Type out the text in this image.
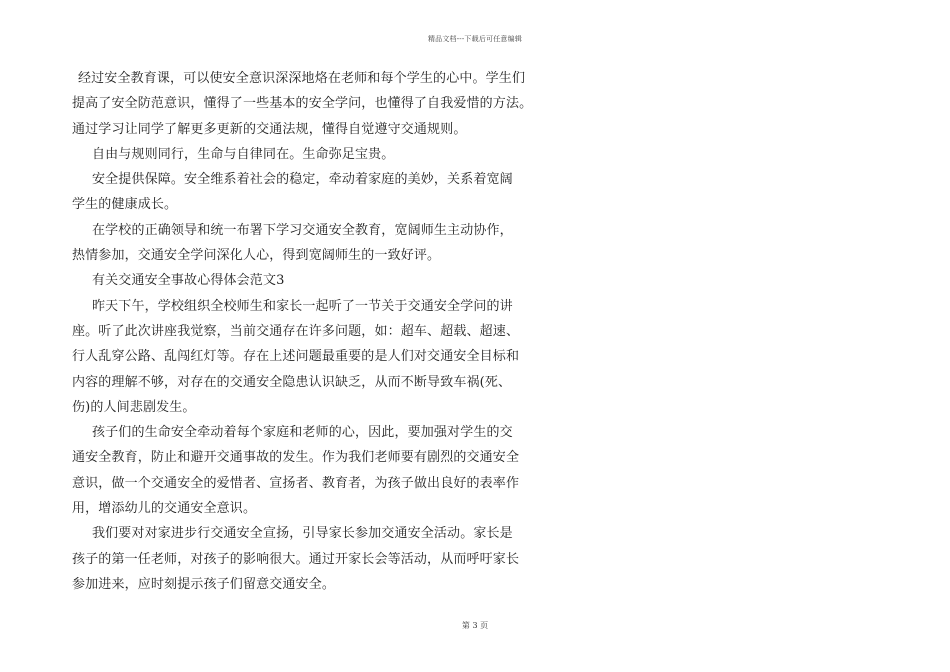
精品文档---下载后可任意编辑
经过安全教育课，可以使安全意识深深地烙在老师和每个学生的心中。学生们
提高了安全防范意识，懂得了一些基本的安全学问，也懂得了自我爱惜的方法。
通过学习让同学了解更多更新的交通法规，懂得自觉遵守交通规则。
自由与规则同行，生命与自律同在。生命弥足宝贵。
安全提供保障。安全维系着社会的稳定，牵动着家庭的美妙，关系着宽阔
学生的健康成长。
在学校的正确领导和统一布署下学习交通安全教育，宽阔师生主动协作，
热情参加，交通安全学问深化人心，得到宽阔师生的一致好评。
有关交通安全事故心得体会范文3
昨天下午，学校组织全校师生和家长一起听了一节关于交通安全学问的讲
座。听了此次讲座我觉察，当前交通存在许多问题，如：超车、超载、超速、
行人乱穿公路、乱闯红灯等。存在上述问题最重要的是人们对交通安全目标和
内容的理解不够，对存在的交通安全隐患认识缺乏，从而不断导致车祸(死、
伤)的人间悲剧发生。
孩子们的生命安全牵动着每个家庭和老师的心，因此，要加强对学生的交
通安全教育，防止和避开交通事故的发生。作为我们老师要有剧烈的交通安全
意识，做一个交通安全的爱惜者、宣扬者、教育者，为孩子做出良好的表率作
用，增添幼儿的交通安全意识。
我们要对对家进步行交通安全宣扬，引导家长参加交通安全活动。家长是
孩子的第一任老师，对孩子的影响很大。通过开家长会等活动，从而呼吁家长
参加进来，应时刻提示孩子们留意交通安全。
第 3 页
